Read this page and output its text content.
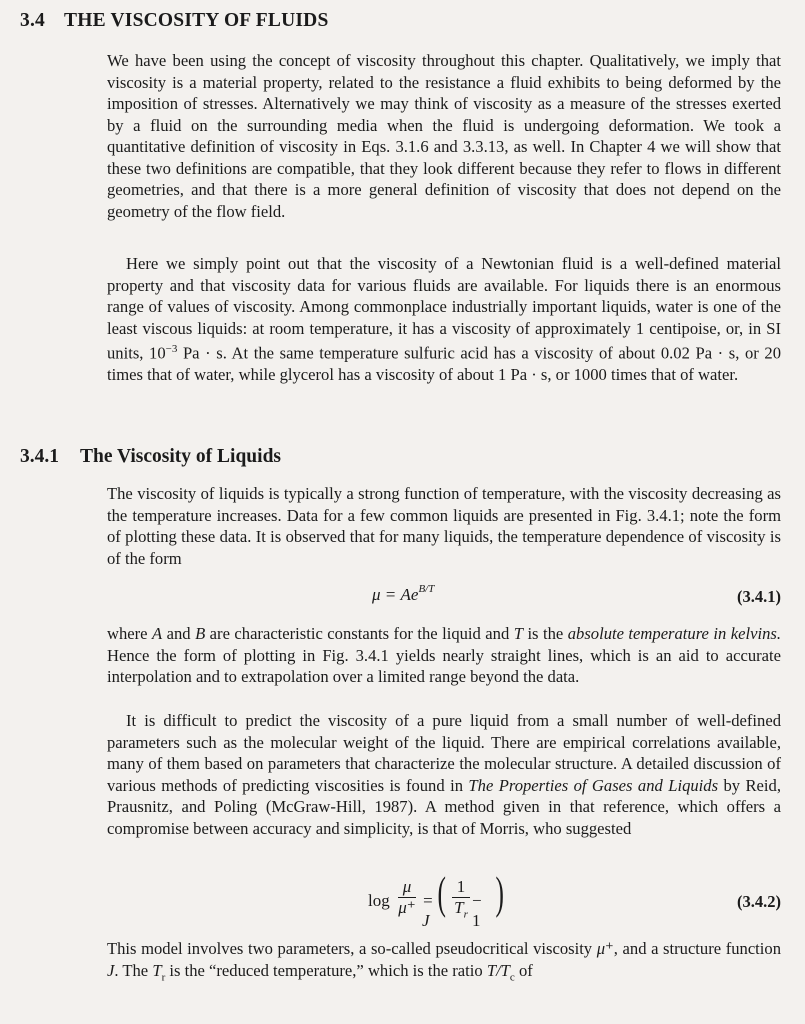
3.4 THE VISCOSITY OF FLUIDS

We have been using the concept of viscosity throughout this chapter. Qualitatively, we imply that viscosity is a material property, related to the resistance a fluid exhibits to being deformed by the imposition of stresses. Alternatively we may think of viscosity as a measure of the stresses exerted by a fluid on the surrounding media when the fluid is undergoing deformation. We took a quantitative definition of viscosity in Eqs. 3.1.6 and 3.3.13, as well. In Chapter 4 we will show that these two definitions are compatible, that they look different because they refer to flows in different geometries, and that there is a more general definition of viscosity that does not depend on the geometry of the flow field.

Here we simply point out that the viscosity of a Newtonian fluid is a well-defined material property and that viscosity data for various fluids are available. For liquids there is an enormous range of values of viscosity. Among commonplace industrially important liquids, water is one of the least viscous liquids: at room temperature, it has a viscosity of approximately 1 centipoise, or, in SI units, $10^{-3}$ Pa · s. At the same temperature sulfuric acid has a viscosity of about 0.02 Pa · s, or 20 times that of water, while glycerol has a viscosity of about 1 Pa · s, or 1000 times that of water.

3.4.1 The Viscosity of Liquids

The viscosity of liquids is typically a strong function of temperature, with the viscosity decreasing as the temperature increases. Data for a few common liquids are presented in Fig. 3.4.1; note the form of plotting these data. It is observed that for many liquids, the temperature dependence of viscosity is of the form

$\mu = Ae^{B/T}$	(3.4.1)

where A and B are characteristic constants for the liquid and T is the absolute temperature in kelvins. Hence the form of plotting in Fig. 3.4.1 yields nearly straight lines, which is an aid to accurate interpolation and to extrapolation over a limited range beyond the data.

It is difficult to predict the viscosity of a pure liquid from a small number of well-defined parameters such as the molecular weight of the liquid. There are empirical correlations available, many of them based on parameters that characterize the molecular structure. A detailed discussion of various methods of predicting viscosities is found in The Properties of Gases and Liquids by Reid, Prausnitz, and Poling (McGraw-Hill, 1987). A method given in that reference, which offers a compromise between accuracy and simplicity, is that of Morris, who suggested

log
μ
μ⁺ = J
( 1
$T_r$
− 1
)	(3.4.2)

This model involves two parameters, a so-called pseudocritical viscosity μ⁺, and a structure function J. The $T_r$ is the “reduced temperature,” which is the ratio $T/T_c$ of
